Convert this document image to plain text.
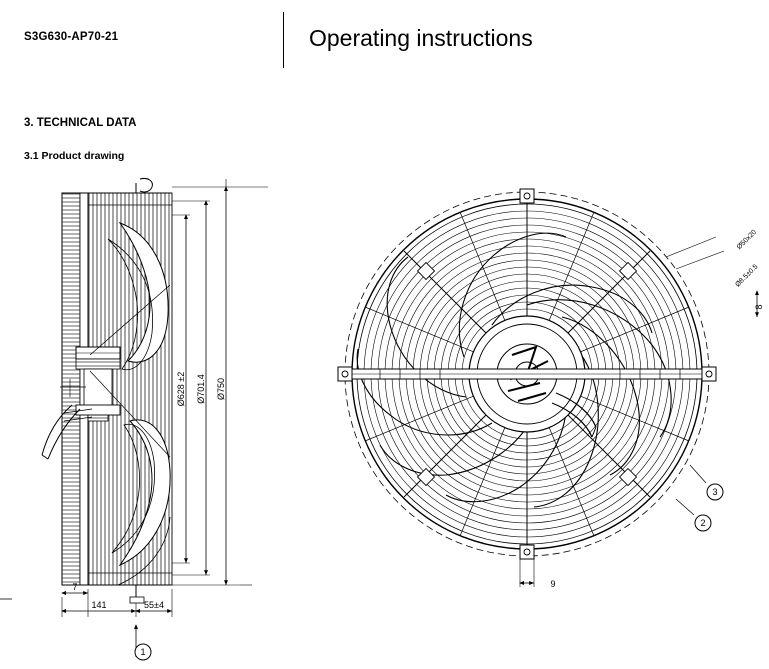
S3G630-AP70-21	Operating instructions
3. TECHNICAL DATA
3.1 Product drawing
Ø628 ±2 Ø701.4 Ø750
7
141	55±4
1
Ø50x20
Ø8.5±0.5
8
9
3
2
